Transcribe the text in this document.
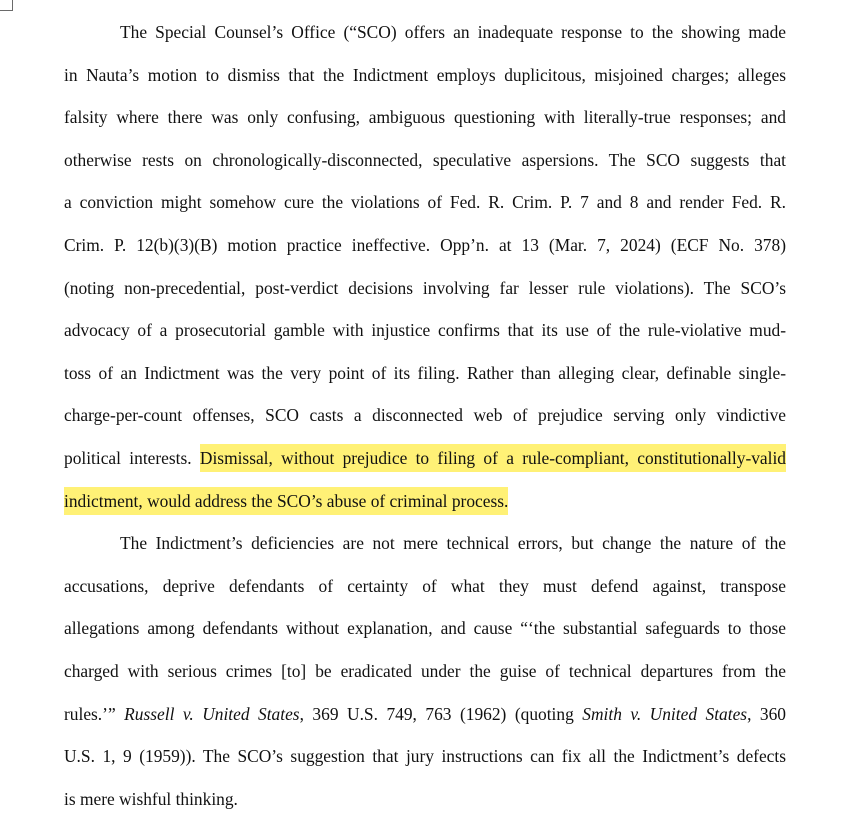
The Special Counsel’s Office (“SCO) offers an inadequate response to the showing made
in Nauta’s motion to dismiss that the Indictment employs duplicitous, misjoined charges; alleges
falsity where there was only confusing, ambiguous questioning with literally-true responses; and
otherwise rests on chronologically-disconnected, speculative aspersions. The SCO suggests that
a conviction might somehow cure the violations of Fed. R. Crim. P. 7 and 8 and render Fed. R.
Crim. P. 12(b)(3)(B) motion practice ineffective. Opp’n. at 13 (Mar. 7, 2024) (ECF No. 378)
(noting non-precedential, post-verdict decisions involving far lesser rule violations). The SCO’s
advocacy of a prosecutorial gamble with injustice confirms that its use of the rule-violative mud-
toss of an Indictment was the very point of its filing. Rather than alleging clear, definable single-
charge-per-count offenses, SCO casts a disconnected web of prejudice serving only vindictive
political interests. Dismissal, without prejudice to filing of a rule-compliant, constitutionally-valid
indictment, would address the SCO’s abuse of criminal process.
The Indictment’s deficiencies are not mere technical errors, but change the nature of the
accusations, deprive defendants of certainty of what they must defend against, transpose
allegations among defendants without explanation, and cause “‘the substantial safeguards to those
charged with serious crimes [to] be eradicated under the guise of technical departures from the
rules.’” Russell v. United States, 369 U.S. 749, 763 (1962) (quoting Smith v. United States, 360
U.S. 1, 9 (1959)). The SCO’s suggestion that jury instructions can fix all the Indictment’s defects
is mere wishful thinking.
